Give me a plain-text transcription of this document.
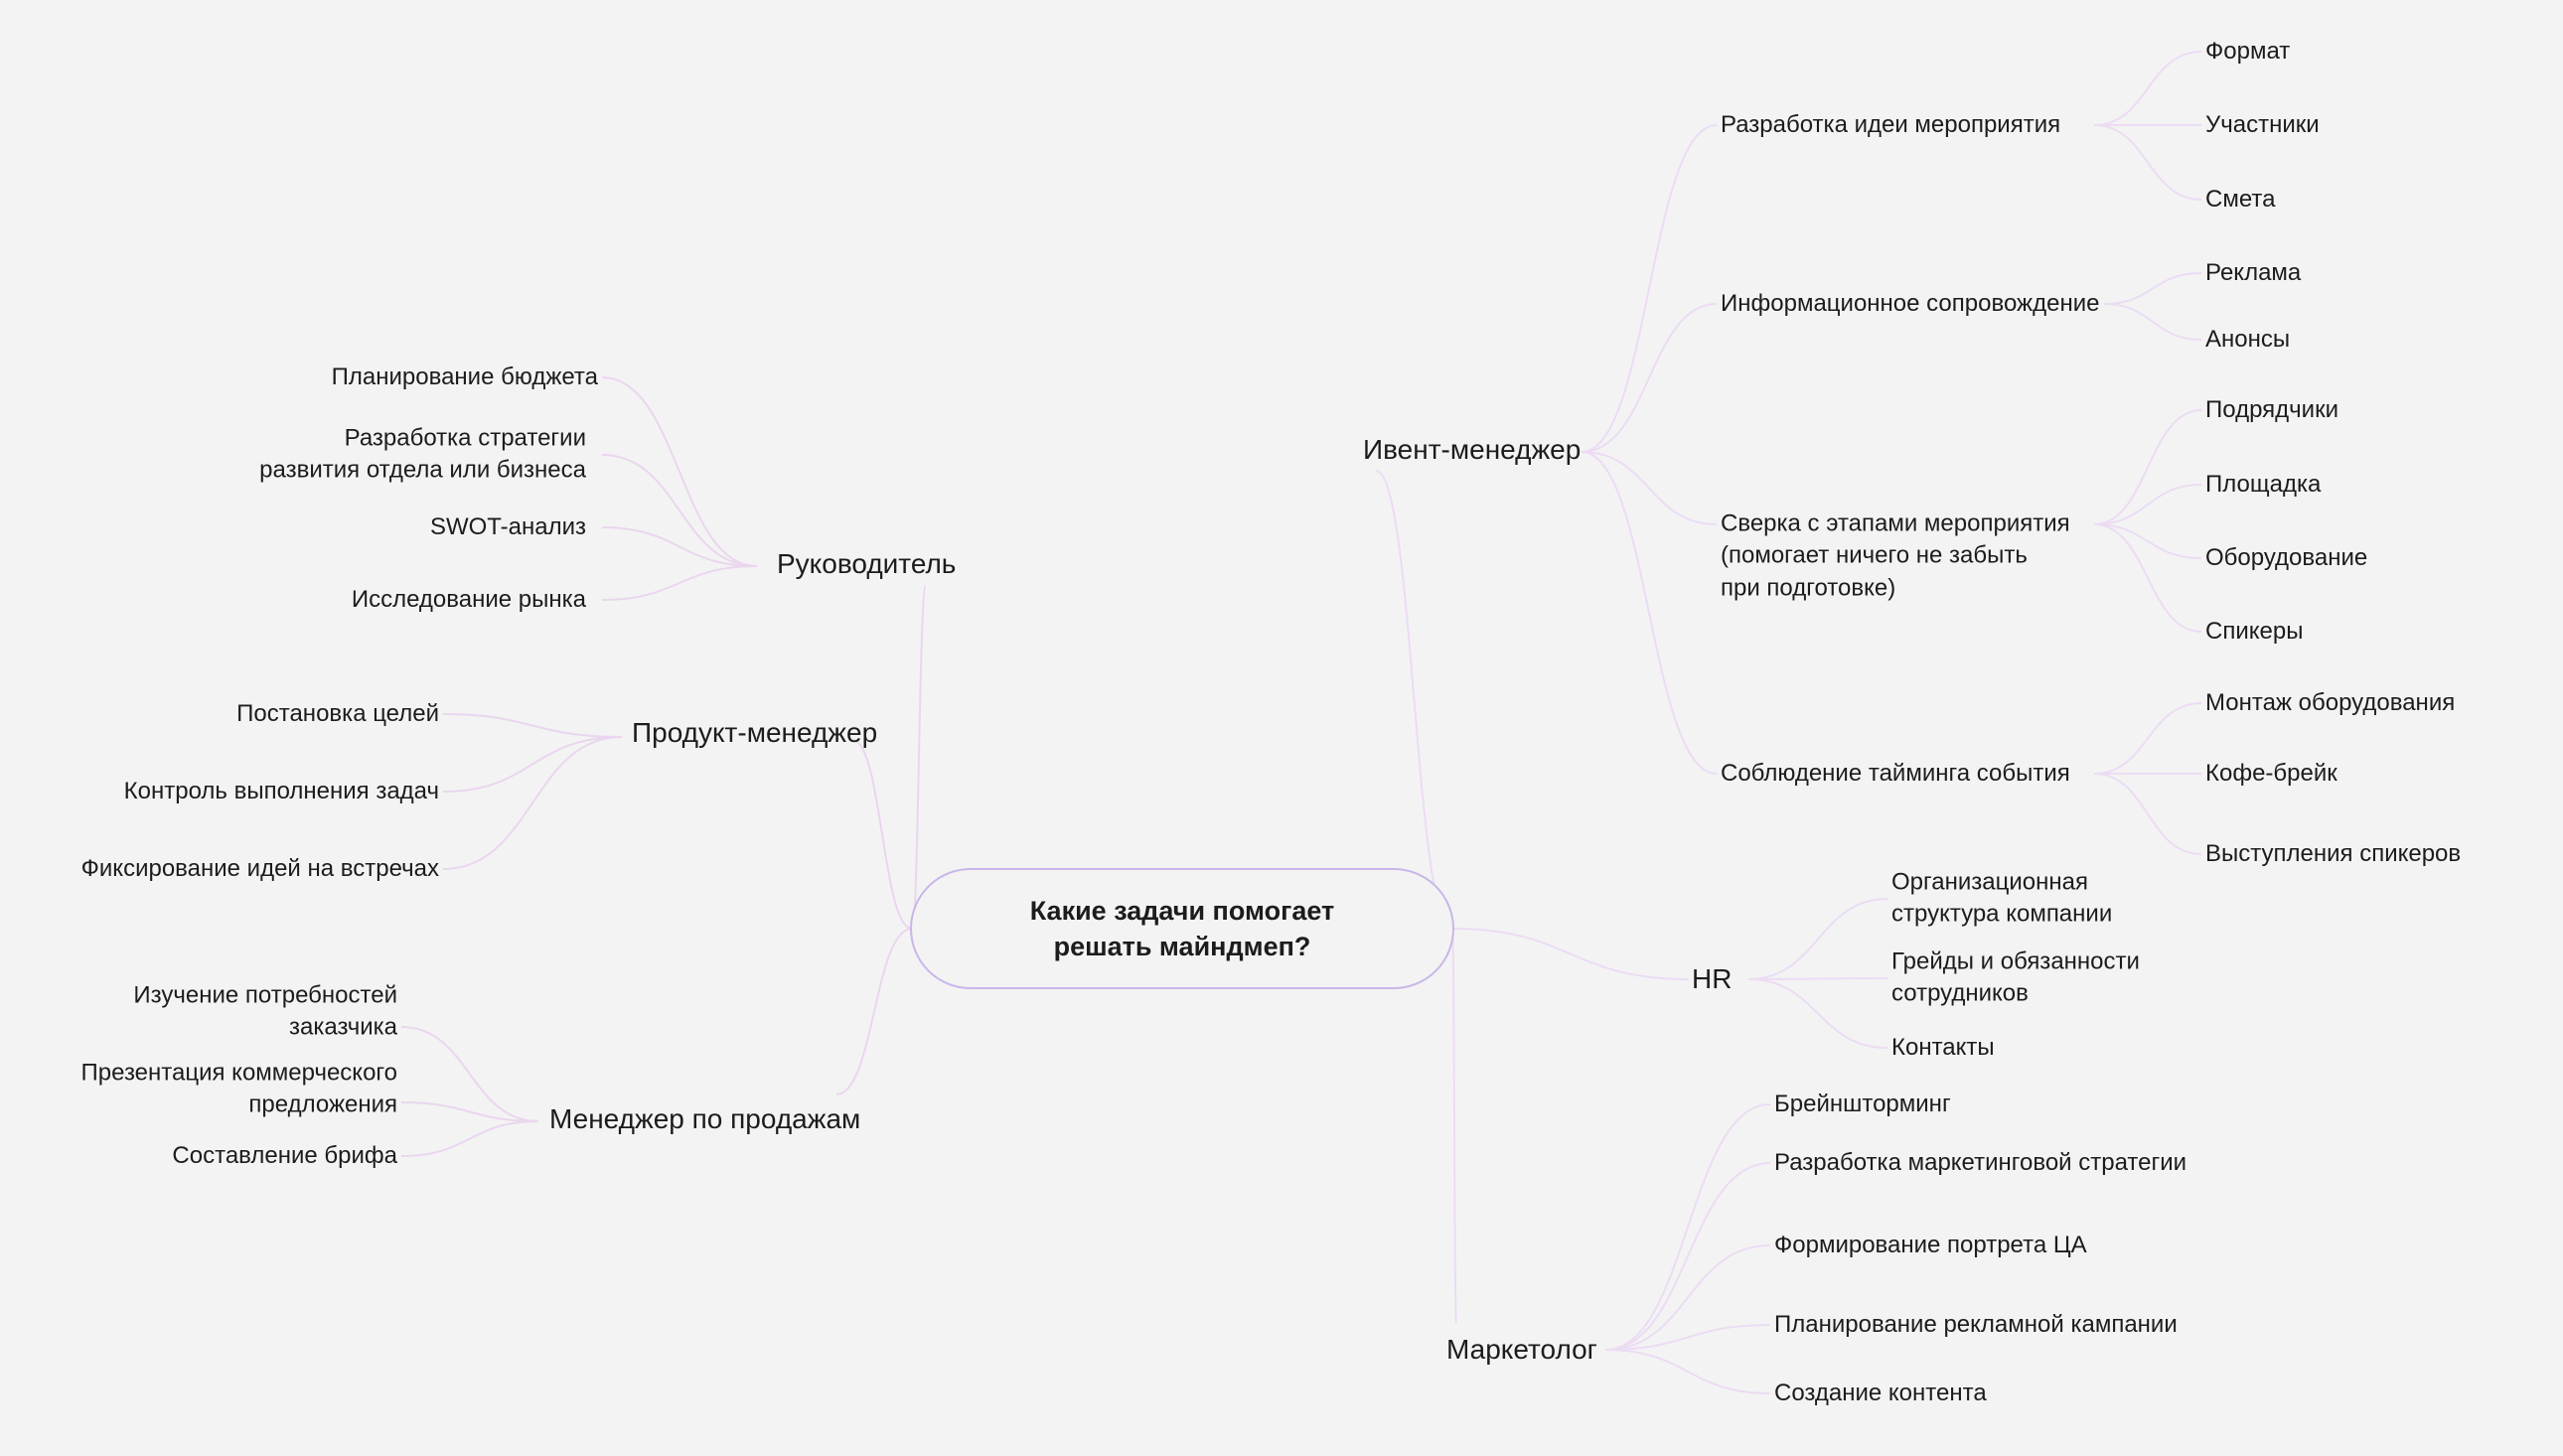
Какие задачи помогает
решать майндмеп?
Руководитель
Планирование бюджета
Разработка стратегии
развития отдела или бизнеса
SWOT-анализ
Исследование рынка
Продукт-менеджер
Постановка целей
Контроль выполнения задач
Фиксирование идей на встречах
Менеджер по продажам
Изучение потребностей
заказчика
Презентация коммерческого
предложения
Составление брифа
Ивент-менеджер
Разработка идеи мероприятия
Информационное сопровождение
Сверка с этапами мероприятия
(помогает ничего не забыть
при подготовке)
Соблюдение тайминга события
Формат
Участники
Смета
Реклама
Анонсы
Подрядчики
Площадка
Оборудование
Спикеры
Монтаж оборудования
Кофе-брейк
Выступления спикеров
HR
Организационная
структура компании
Грейды и обязанности
сотрудников
Контакты
Маркетолог
Брейншторминг
Разработка маркетинговой стратегии
Формирование портрета ЦА
Планирование рекламной кампании
Создание контента
